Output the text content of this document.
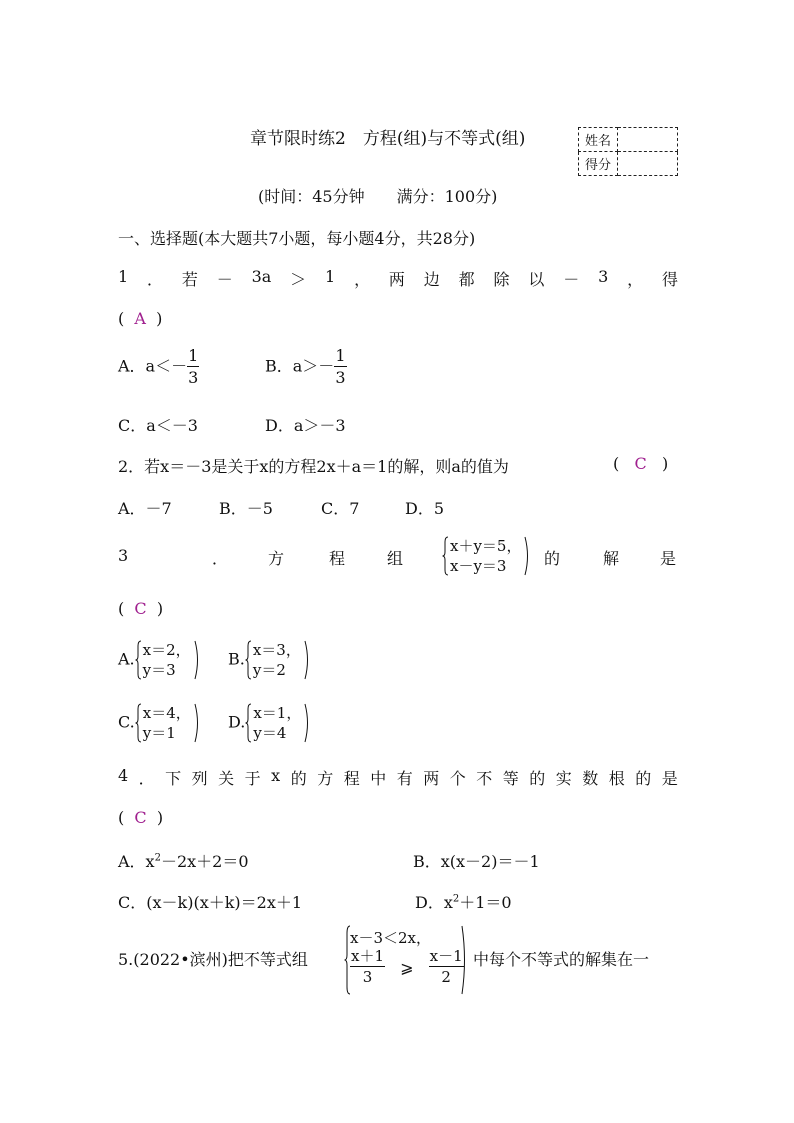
章节限时练2　方程(组)与不等式(组)	姓名	
得分	
(时间：45分钟　　满分：100分)
一、选择题(本大题共7小题，每小题4分，共28分)
1 ． 若 － 3a ＞ 1 ， 两 边 都 除 以 － 3 ， 得
( A )
A．$a<- \frac{1}{3}$	B．$a>- \frac{1}{3}$
C．a＜－3	D．a＞－3
2．若x＝－3是关于x的方程2x＋a＝1的解，则a的值为	( C )
A．－7	B．－5	C．7	D．5
3	． 方	程	组
x＋y＝5，
x－y＝3	的	解	是
( C )
A. x＝2，
y＝3
B. x＝3，
y＝2
C. x＝4，
y＝1
D. x＝1，
y＝4
4 ． 下 列 关 于 x 的 方 程 中 有 两 个 不 等 的 实 数 根 的 是
( C )
A．$x^2-2x+2=0$	B．x(x－2)＝－1
C．(x－k)(x＋k)＝2x＋1	D．$x^2+1=0$
5.(2022•滨州)把不等式组
x－3＜2x，
$\frac{x+1}{3}$ ⩾ $\frac{x-1}{2}$ 中每个不等式的解集在一
